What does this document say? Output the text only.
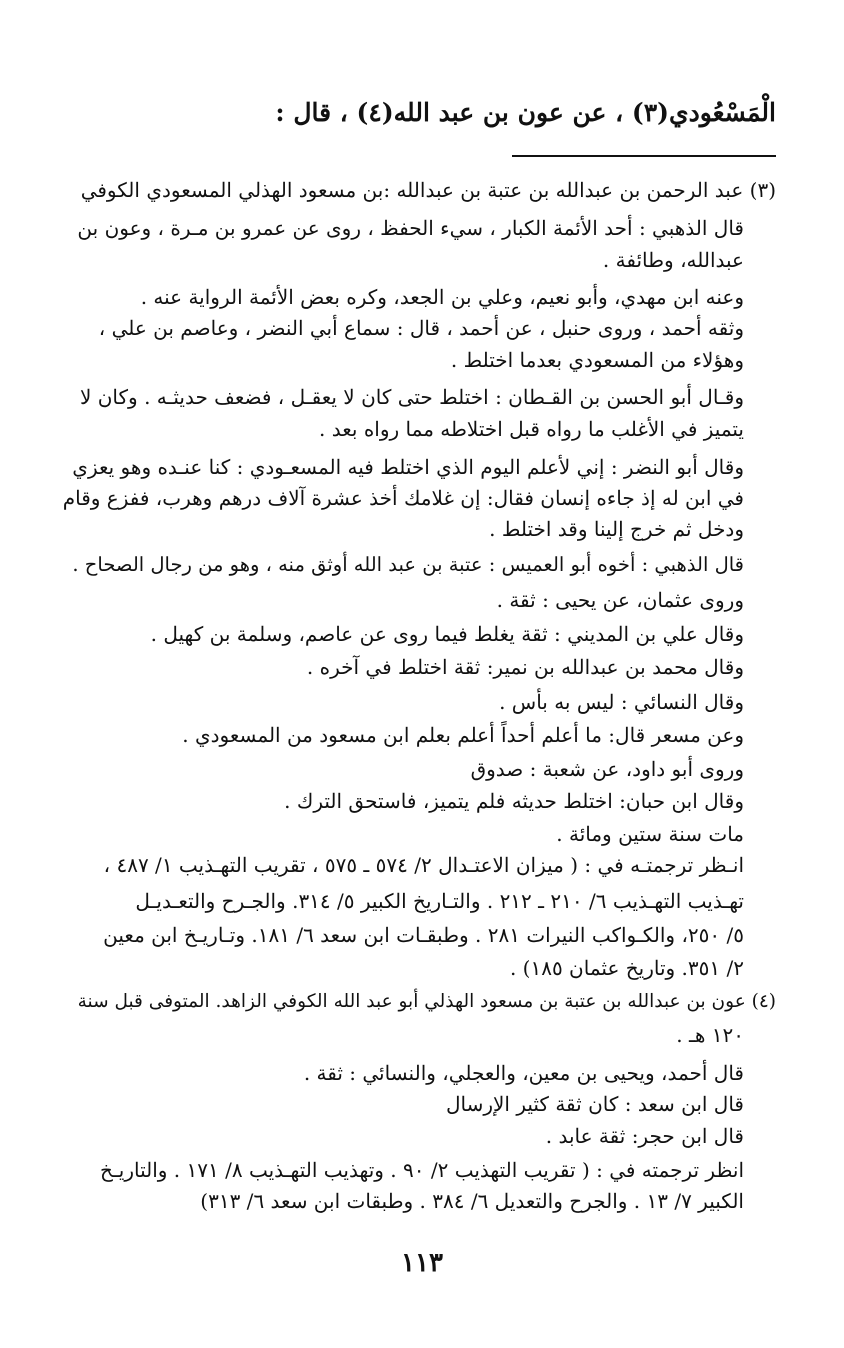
الْمَسْعُودي(٣) ، عن عون بن عبد الله(٤) ، قال :
(٣) عبد الرحمن بن عبدالله بن عتبة بن عبدالله :بن مسعود الهذلي المسعودي الكوفي
قال الذهبي : أحد الأئمة الكبار ، سيء الحفظ ، روى عن عمرو بن مـرة ، وعون بن
عبدالله، وطائفة .
وعنه ابن مهدي، وأبو نعيم، وعلي بن الجعد، وكره بعض الأئمة الرواية عنه .
وثقه أحمد ، وروى حنبل ، عن أحمد ، قال : سماع أبي النضر ، وعاصم بن علي ،
وهؤلاء من المسعودي بعدما اختلط .
وقـال أبو الحسن بن القـطان : اختلط حتى كان لا يعقـل ، فضعف حديثـه . وكان لا
يتميز في الأغلب ما رواه قبل اختلاطه مما رواه بعد .
وقال أبو النضر : إني لأعلم اليوم الذي اختلط فيه المسعـودي : كنا عنـده وهو يعزي
في ابن له إذ جاءه إنسان فقال: إن غلامك أخذ عشرة آلاف درهم وهرب، ففزع وقام
ودخل ثم خرج إلينا وقد اختلط .
قال الذهبي : أخوه أبو العميس : عتبة بن عبد الله أوثق منه ، وهو من رجال الصحاح .
وروى عثمان، عن يحيى : ثقة .
وقال علي بن المديني : ثقة يغلط فيما روى عن عاصم، وسلمة بن كهيل .
وقال محمد بن عبدالله بن نمير: ثقة اختلط في آخره .
وقال النسائي : ليس به بأس .
وعن مسعر قال: ما أعلم أحداً أعلم بعلم ابن مسعود من المسعودي .
وروى أبو داود، عن شعبة : صدوق
وقال ابن حبان: اختلط حديثه فلم يتميز، فاستحق الترك .
مات سنة ستين ومائة .
انـظر ترجمتـه في : ( ميزان الاعتـدال ٢/ ٥٧٤ ـ ٥٧٥ ، تقريب التهـذيب ١/ ٤٨٧ ،
تهـذيب التهـذيب ٦/ ٢١٠ ـ ٢١٢ . والتـاريخ الكبير ٥/ ٣١٤. والجـرح والتعـديـل
٥/ ٢٥٠، والكـواكب النيرات ٢٨١ . وطبقـات ابن سعد ٦/ ١٨١. وتـاريـخ ابن معين
٢/ ٣٥١. وتاريخ عثمان ١٨٥) .
(٤) عون بن عبدالله بن عتبة بن مسعود الهذلي أبو عبد الله الكوفي الزاهد. المتوفى قبل سنة
١٢٠ هـ .
قال أحمد، ويحيى بن معين، والعجلي، والنسائي : ثقة .
قال ابن سعد : كان ثقة كثير الإرسال
قال ابن حجر: ثقة عابد .
انظر ترجمته في : ( تقريب التهذيب ٢/ ٩٠ . وتهذيب التهـذيب ٨/ ١٧١ . والتاريـخ
الكبير ٧/ ١٣ . والجرح والتعديل ٦/ ٣٨٤ . وطبقات ابن سعد ٦/ ٣١٣)
١١٣
